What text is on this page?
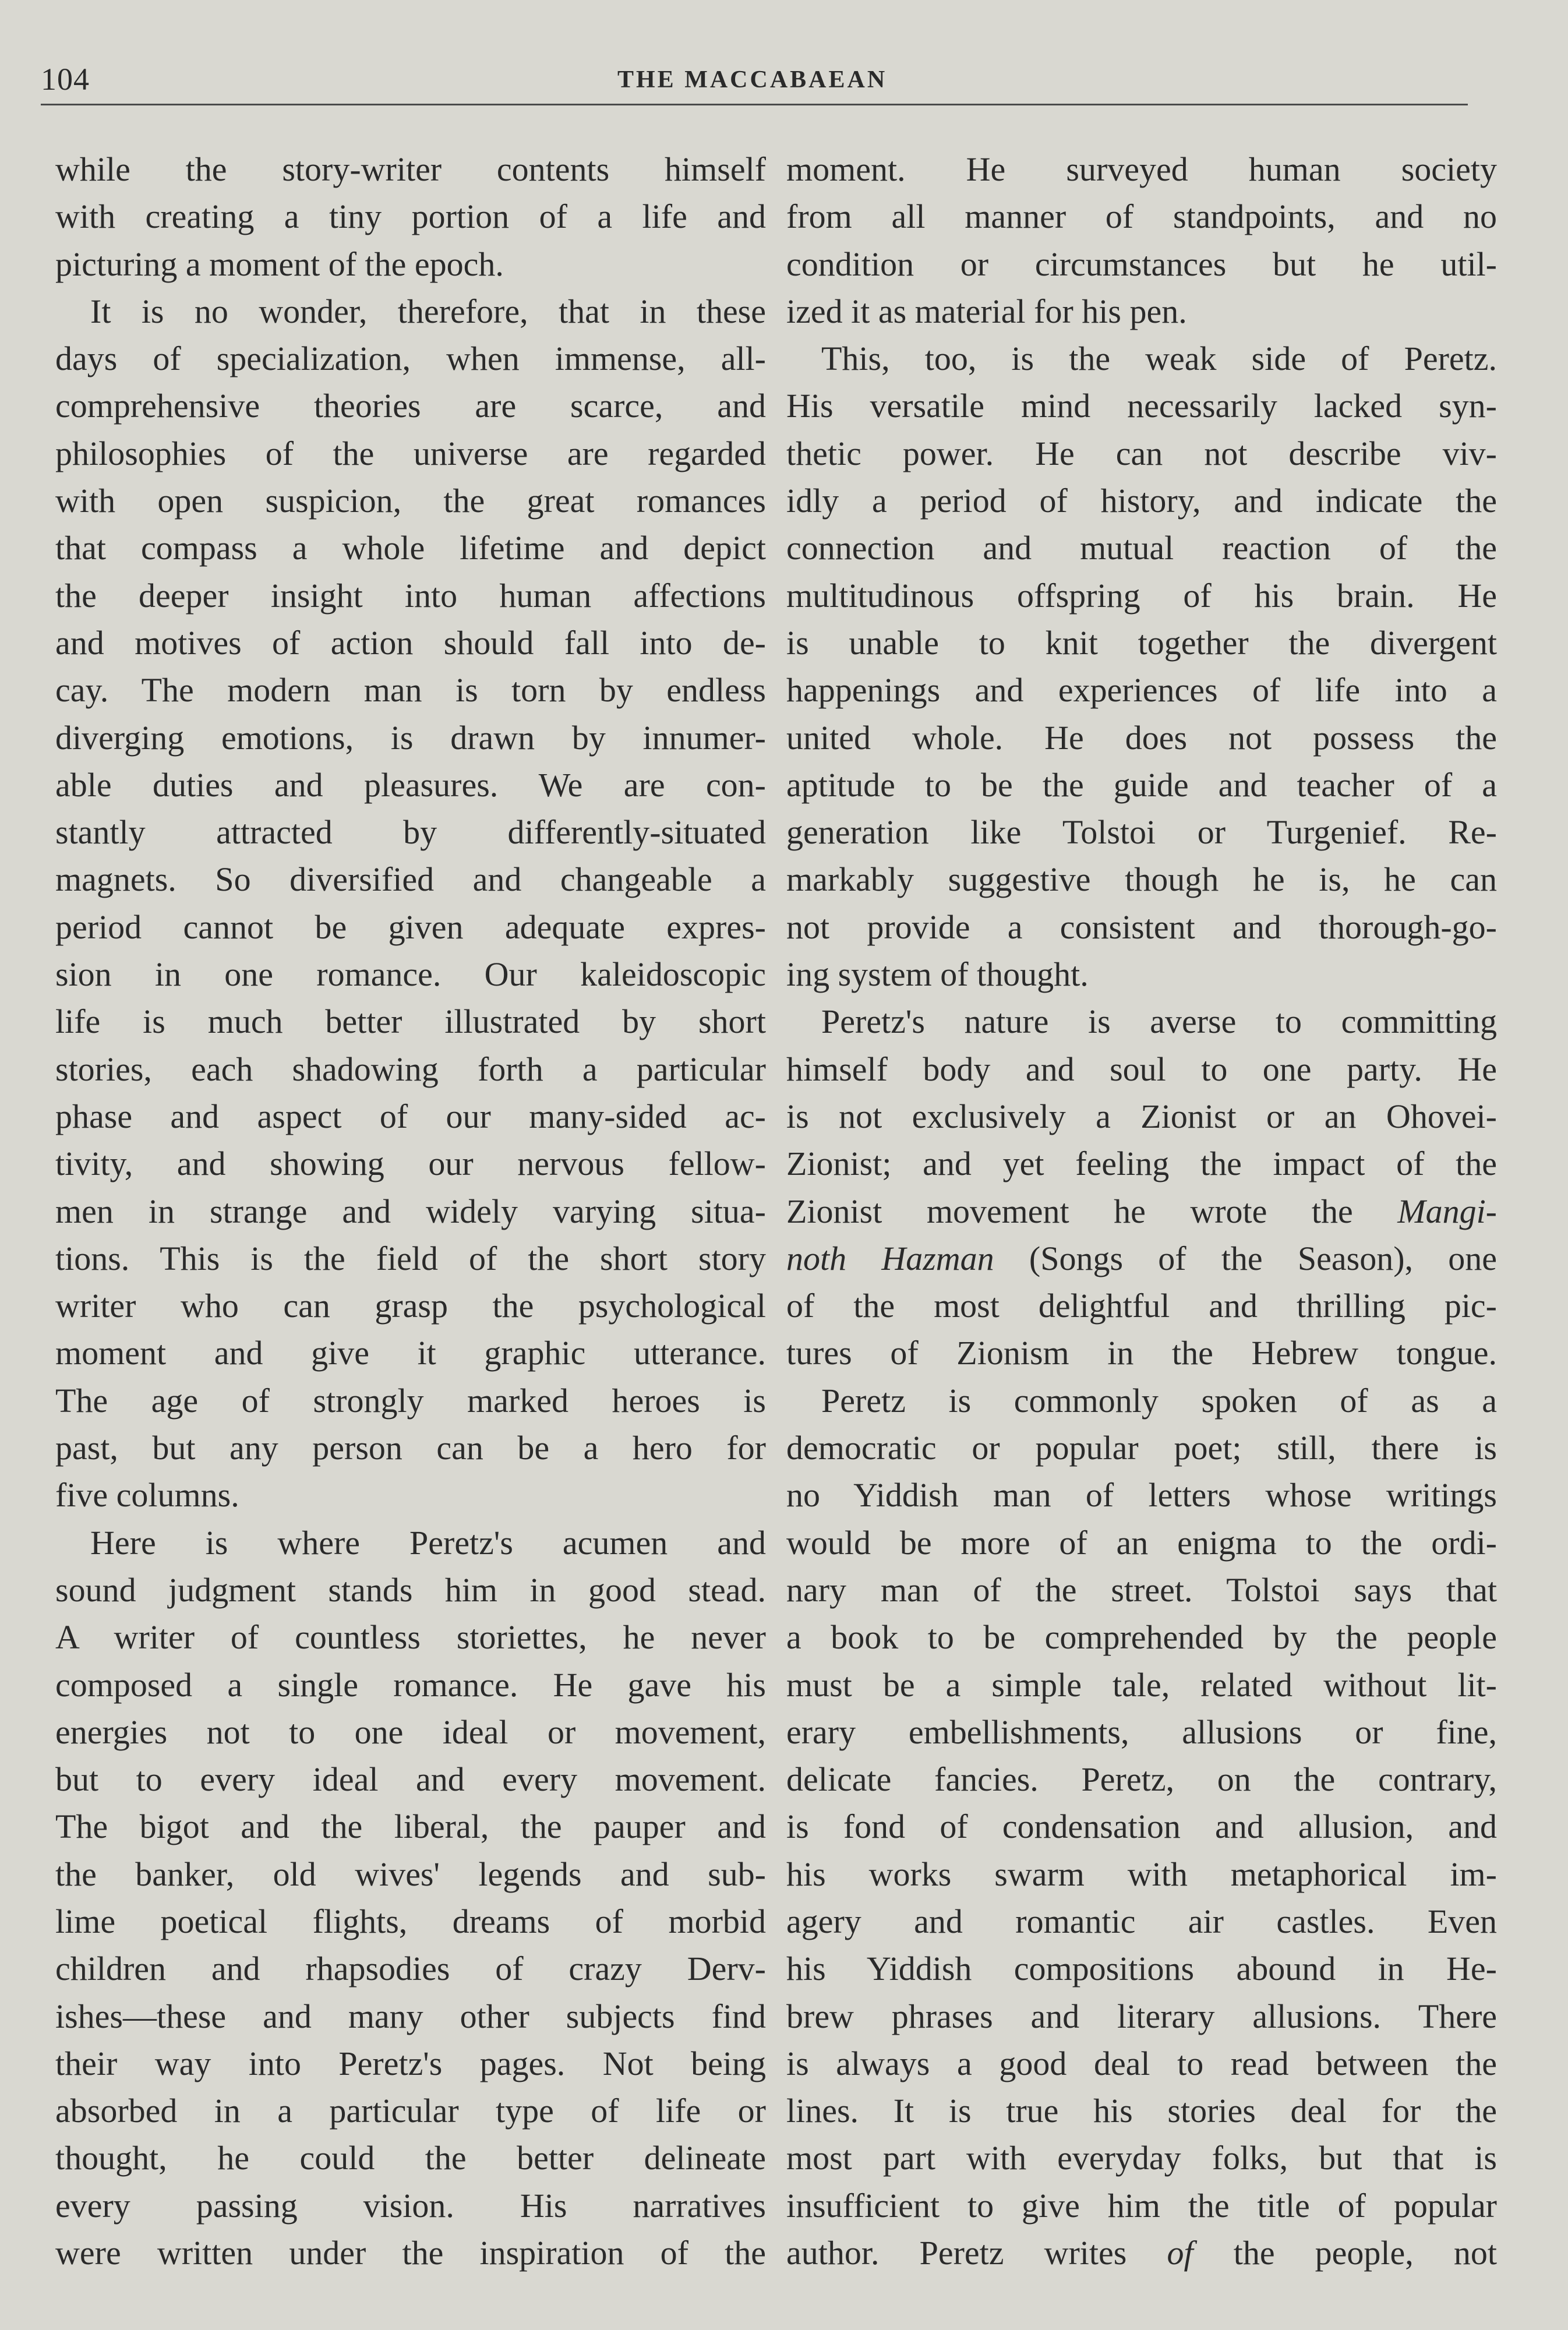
104	THE MACCABAEAN
while the story-writer contents himself
with creating a tiny portion of a life and
picturing a moment of the epoch.
It is no wonder, therefore, that in these
days of specialization, when immense, all-
comprehensive theories are scarce, and
philosophies of the universe are regarded
with open suspicion, the great romances
that compass a whole lifetime and depict
the deeper insight into human affections
and motives of action should fall into de-
cay. The modern man is torn by endless
diverging emotions, is drawn by innumer-
able duties and pleasures. We are con-
stantly attracted by differently-situated
magnets. So diversified and changeable a
period cannot be given adequate expres-
sion in one romance. Our kaleidoscopic
life is much better illustrated by short
stories, each shadowing forth a particular
phase and aspect of our many-sided ac-
tivity, and showing our nervous fellow-
men in strange and widely varying situa-
tions. This is the field of the short story
writer who can grasp the psychological
moment and give it graphic utterance.
The age of strongly marked heroes is
past, but any person can be a hero for
five columns.
Here is where Peretz's acumen and
sound judgment stands him in good stead.
A writer of countless storiettes, he never
composed a single romance. He gave his
energies not to one ideal or movement,
but to every ideal and every movement.
The bigot and the liberal, the pauper and
the banker, old wives' legends and sub-
lime poetical flights, dreams of morbid
children and rhapsodies of crazy Derv-
ishes—these and many other subjects find
their way into Peretz's pages. Not being
absorbed in a particular type of life or
thought, he could the better delineate
every passing vision. His narratives
were written under the inspiration of the
moment. He surveyed human society
from all manner of standpoints, and no
condition or circumstances but he util-
ized it as material for his pen.
This, too, is the weak side of Peretz.
His versatile mind necessarily lacked syn-
thetic power. He can not describe viv-
idly a period of history, and indicate the
connection and mutual reaction of the
multitudinous offspring of his brain. He
is unable to knit together the divergent
happenings and experiences of life into a
united whole. He does not possess the
aptitude to be the guide and teacher of a
generation like Tolstoi or Turgenief. Re-
markably suggestive though he is, he can
not provide a consistent and thorough-go-
ing system of thought.
Peretz's nature is averse to committing
himself body and soul to one party. He
is not exclusively a Zionist or an Ohovei-
Zionist; and yet feeling the impact of the
Zionist movement he wrote the Mangi-
noth Hazman (Songs of the Season), one
of the most delightful and thrilling pic-
tures of Zionism in the Hebrew tongue.
Peretz is commonly spoken of as a
democratic or popular poet; still, there is
no Yiddish man of letters whose writings
would be more of an enigma to the ordi-
nary man of the street. Tolstoi says that
a book to be comprehended by the people
must be a simple tale, related without lit-
erary embellishments, allusions or fine,
delicate fancies. Peretz, on the contrary,
is fond of condensation and allusion, and
his works swarm with metaphorical im-
agery and romantic air castles. Even
his Yiddish compositions abound in He-
brew phrases and literary allusions. There
is always a good deal to read between the
lines. It is true his stories deal for the
most part with everyday folks, but that is
insufficient to give him the title of popular
author. Peretz writes of the people, not
